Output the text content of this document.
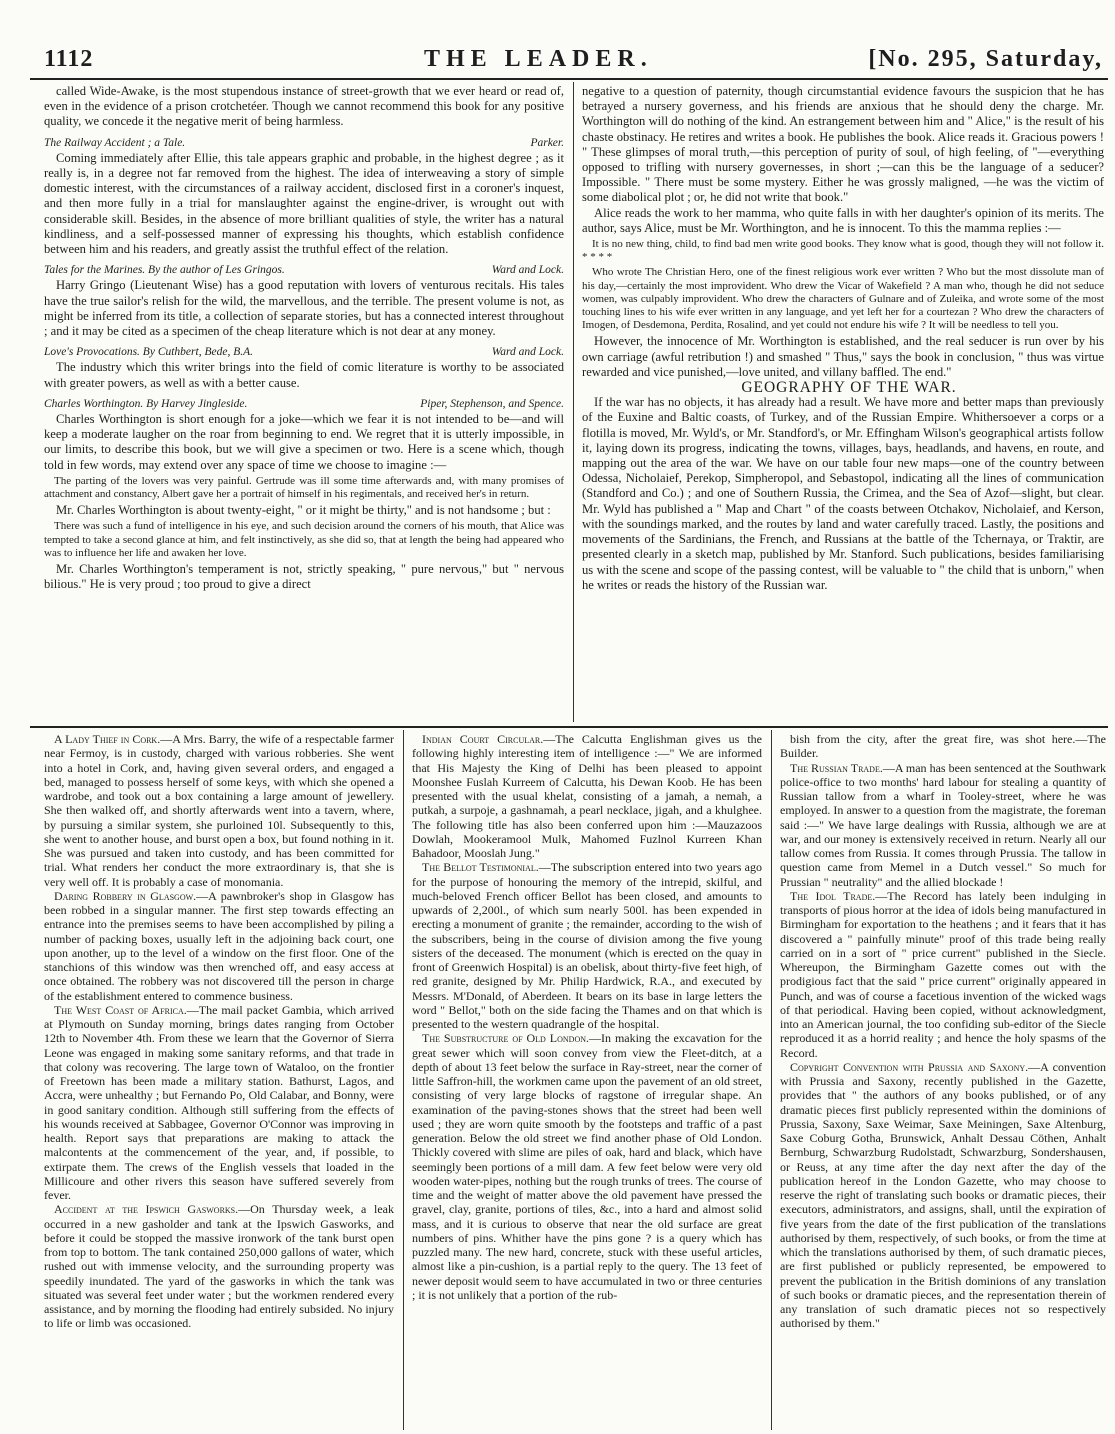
1112	THE LEADER.	[No. 295, Saturday,

called Wide-Awake, is the most stupendous instance of street-growth that we ever heard or read of, even in the evidence of a prison crotchetéer. Though we cannot recommend this book for any positive quality, we concede it the negative merit of being harmless.

The Railway Accident ; a Tale.	Parker.

Coming immediately after Ellie, this tale appears graphic and probable, in the highest degree ; as it really is, in a degree not far removed from the highest. The idea of interweaving a story of simple domestic interest, with the circumstances of a railway accident, disclosed first in a coroner's inquest, and then more fully in a trial for manslaughter against the engine-driver, is wrought out with considerable skill. Besides, in the absence of more brilliant qualities of style, the writer has a natural kindliness, and a self-possessed manner of expressing his thoughts, which establish confidence between him and his readers, and greatly assist the truthful effect of the relation.

Tales for the Marines. By the author of Les Gringos.	Ward and Lock.

Harry Gringo (Lieutenant Wise) has a good reputation with lovers of venturous recitals. His tales have the true sailor's relish for the wild, the marvellous, and the terrible. The present volume is not, as might be inferred from its title, a collection of separate stories, but has a connected interest throughout ; and it may be cited as a specimen of the cheap literature which is not dear at any money.

Love's Provocations. By Cuthbert, Bede, B.A.	Ward and Lock.

The industry which this writer brings into the field of comic literature is worthy to be associated with greater powers, as well as with a better cause.

Charles Worthington. By Harvey Jingleside.	Piper, Stephenson, and Spence.

Charles Worthington is short enough for a joke—which we fear it is not intended to be—and will keep a moderate laugher on the roar from beginning to end. We regret that it is utterly impossible, in our limits, to describe this book, but we will give a specimen or two. Here is a scene which, though told in few words, may extend over any space of time we choose to imagine :—

The parting of the lovers was very painful. Gertrude was ill some time afterwards and, with many promises of attachment and constancy, Albert gave her a portrait of himself in his regimentals, and received her's in return.

Mr. Charles Worthington is about twenty-eight, " or it might be thirty," and is not handsome ; but :

There was such a fund of intelligence in his eye, and such decision around the corners of his mouth, that Alice was tempted to take a second glance at him, and felt instinctively, as she did so, that at length the being had appeared who was to influence her life and awaken her love.

Mr. Charles Worthington's temperament is not, strictly speaking, " pure nervous," but " nervous bilious." He is very proud ; too proud to give a direct

negative to a question of paternity, though circumstantial evidence favours the suspicion that he has betrayed a nursery governess, and his friends are anxious that he should deny the charge. Mr. Worthington will do nothing of the kind. An estrangement between him and " Alice," is the result of his chaste obstinacy. He retires and writes a book. He publishes the book. Alice reads it. Gracious powers ! " These glimpses of moral truth,—this perception of purity of soul, of high feeling, of "—everything opposed to trifling with nursery governesses, in short ;—can this be the language of a seducer? Impossible. " There must be some mystery. Either he was grossly maligned, —he was the victim of some diabolical plot ; or, he did not write that book."

Alice reads the work to her mamma, who quite falls in with her daughter's opinion of its merits. The author, says Alice, must be Mr. Worthington, and he is innocent. To this the mamma replies :—

It is no new thing, child, to find bad men write good books. They know what is good, though they will not follow it. * * * *

Who wrote The Christian Hero, one of the finest religious work ever written ? Who but the most dissolute man of his day,—certainly the most improvident. Who drew the Vicar of Wakefield ? A man who, though he did not seduce women, was culpably improvident. Who drew the characters of Gulnare and of Zuleika, and wrote some of the most touching lines to his wife ever written in any language, and yet left her for a courtezan ? Who drew the characters of Imogen, of Desdemona, Perdita, Rosalind, and yet could not endure his wife ? It will be needless to tell you.

However, the innocence of Mr. Worthington is established, and the real seducer is run over by his own carriage (awful retribution !) and smashed " Thus," says the book in conclusion, " thus was virtue rewarded and vice punished,—love united, and villany baffled. The end."

GEOGRAPHY OF THE WAR.

If the war has no objects, it has already had a result. We have more and better maps than previously of the Euxine and Baltic coasts, of Turkey, and of the Russian Empire. Whithersoever a corps or a flotilla is moved, Mr. Wyld's, or Mr. Standford's, or Mr. Effingham Wilson's geographical artists follow it, laying down its progress, indicating the towns, villages, bays, headlands, and havens, en route, and mapping out the area of the war. We have on our table four new maps—one of the country between Odessa, Nicholaief, Perekop, Simpheropol, and Sebastopol, indicating all the lines of communication (Standford and Co.) ; and one of Southern Russia, the Crimea, and the Sea of Azof—slight, but clear. Mr. Wyld has published a " Map and Chart " of the coasts between Otchakov, Nicholaief, and Kerson, with the soundings marked, and the routes by land and water carefully traced. Lastly, the positions and movements of the Sardinians, the French, and Russians at the battle of the Tchernaya, or Traktir, are presented clearly in a sketch map, published by Mr. Stanford. Such publications, besides familiarising us with the scene and scope of the passing contest, will be valuable to " the child that is unborn," when he writes or reads the history of the Russian war.

A Lady Thief in Cork.—A Mrs. Barry, the wife of a respectable farmer near Fermoy, is in custody, charged with various robberies. She went into a hotel in Cork, and, having given several orders, and engaged a bed, managed to possess herself of some keys, with which she opened a wardrobe, and took out a box containing a large amount of jewellery. She then walked off, and shortly afterwards went into a tavern, where, by pursuing a similar system, she purloined 10l. Subsequently to this, she went to another house, and burst open a box, but found nothing in it. She was pursued and taken into custody, and has been committed for trial. What renders her conduct the more extraordinary is, that she is very well off. It is probably a case of monomania.

Daring Robbery in Glasgow.—A pawnbroker's shop in Glasgow has been robbed in a singular manner. The first step towards effecting an entrance into the premises seems to have been accomplished by piling a number of packing boxes, usually left in the adjoining back court, one upon another, up to the level of a window on the first floor. One of the stanchions of this window was then wrenched off, and easy access at once obtained. The robbery was not discovered till the person in charge of the establishment entered to commence business.

The West Coast of Africa.—The mail packet Gambia, which arrived at Plymouth on Sunday morning, brings dates ranging from October 12th to November 4th. From these we learn that the Governor of Sierra Leone was engaged in making some sanitary reforms, and that trade in that colony was recovering. The large town of Wataloo, on the frontier of Freetown has been made a military station. Bathurst, Lagos, and Accra, were unhealthy ; but Fernando Po, Old Calabar, and Bonny, were in good sanitary condition. Although still suffering from the effects of his wounds received at Sabbagee, Governor O'Connor was improving in health. Report says that preparations are making to attack the malcontents at the commencement of the year, and, if possible, to extirpate them. The crews of the English vessels that loaded in the Millicoure and other rivers this season have suffered severely from fever.

Accident at the Ipswich Gasworks.—On Thursday week, a leak occurred in a new gasholder and tank at the Ipswich Gasworks, and before it could be stopped the massive ironwork of the tank burst open from top to bottom. The tank contained 250,000 gallons of water, which rushed out with immense velocity, and the surrounding property was speedily inundated. The yard of the gasworks in which the tank was situated was several feet under water ; but the workmen rendered every assistance, and by morning the flooding had entirely subsided. No injury to life or limb was occasioned.

Indian Court Circular.—The Calcutta Englishman gives us the following highly interesting item of intelligence :—" We are informed that His Majesty the King of Delhi has been pleased to appoint Moonshee Fuslah Kurreem of Calcutta, his Dewan Koob. He has been presented with the usual khelat, consisting of a jamah, a nemah, a putkah, a surpoje, a gashnamah, a pearl necklace, jigah, and a khulghee. The following title has also been conferred upon him :—Mauzazoos Dowlah, Mookeramool Mulk, Mahomed Fuzlnol Kurreen Khan Bahadoor, Mooslah Jung."

The Bellot Testimonial.—The subscription entered into two years ago for the purpose of honouring the memory of the intrepid, skilful, and much-beloved French officer Bellot has been closed, and amounts to upwards of 2,200l., of which sum nearly 500l. has been expended in erecting a monument of granite ; the remainder, according to the wish of the subscribers, being in the course of division among the five young sisters of the deceased. The monument (which is erected on the quay in front of Greenwich Hospital) is an obelisk, about thirty-five feet high, of red granite, designed by Mr. Philip Hardwick, R.A., and executed by Messrs. M'Donald, of Aberdeen. It bears on its base in large letters the word " Bellot," both on the side facing the Thames and on that which is presented to the western quadrangle of the hospital.

The Substructure of Old London.—In making the excavation for the great sewer which will soon convey from view the Fleet-ditch, at a depth of about 13 feet below the surface in Ray-street, near the corner of little Saffron-hill, the workmen came upon the pavement of an old street, consisting of very large blocks of ragstone of irregular shape. An examination of the paving-stones shows that the street had been well used ; they are worn quite smooth by the footsteps and traffic of a past generation. Below the old street we find another phase of Old London. Thickly covered with slime are piles of oak, hard and black, which have seemingly been portions of a mill dam. A few feet below were very old wooden water-pipes, nothing but the rough trunks of trees. The course of time and the weight of matter above the old pavement have pressed the gravel, clay, granite, portions of tiles, &c., into a hard and almost solid mass, and it is curious to observe that near the old surface are great numbers of pins. Whither have the pins gone ? is a query which has puzzled many. The new hard, concrete, stuck with these useful articles, almost like a pin-cushion, is a partial reply to the query. The 13 feet of newer deposit would seem to have accumulated in two or three centuries ; it is not unlikely that a portion of the rub-

bish from the city, after the great fire, was shot here.—The Builder.

The Russian Trade.—A man has been sentenced at the Southwark police-office to two months' hard labour for stealing a quantity of Russian tallow from a wharf in Tooley-street, where he was employed. In answer to a question from the magistrate, the foreman said :—" We have large dealings with Russia, although we are at war, and our money is extensively received in return. Nearly all our tallow comes from Russia. It comes through Prussia. The tallow in question came from Memel in a Dutch vessel." So much for Prussian " neutrality" and the allied blockade !

The Idol Trade.—The Record has lately been indulging in transports of pious horror at the idea of idols being manufactured in Birmingham for exportation to the heathens ; and it fears that it has discovered a " painfully minute" proof of this trade being really carried on in a sort of " price current" published in the Siecle. Whereupon, the Birmingham Gazette comes out with the prodigious fact that the said " price current" originally appeared in Punch, and was of course a facetious invention of the wicked wags of that periodical. Having been copied, without acknowledgment, into an American journal, the too confiding sub-editor of the Siecle reproduced it as a horrid reality ; and hence the holy spasms of the Record.

Copyright Convention with Prussia and Saxony.—A convention with Prussia and Saxony, recently published in the Gazette, provides that " the authors of any books published, or of any dramatic pieces first publicly represented within the dominions of Prussia, Saxony, Saxe Weimar, Saxe Meiningen, Saxe Altenburg, Saxe Coburg Gotha, Brunswick, Anhalt Dessau Cöthen, Anhalt Bernburg, Schwarzburg Rudolstadt, Schwarzburg, Sondershausen, or Reuss, at any time after the day next after the day of the publication hereof in the London Gazette, who may choose to reserve the right of translating such books or dramatic pieces, their executors, administrators, and assigns, shall, until the expiration of five years from the date of the first publication of the translations authorised by them, respectively, of such books, or from the time at which the translations authorised by them, of such dramatic pieces, are first published or publicly represented, be empowered to prevent the publication in the British dominions of any translation of such books or dramatic pieces, and the representation therein of any translation of such dramatic pieces not so respectively authorised by them."
